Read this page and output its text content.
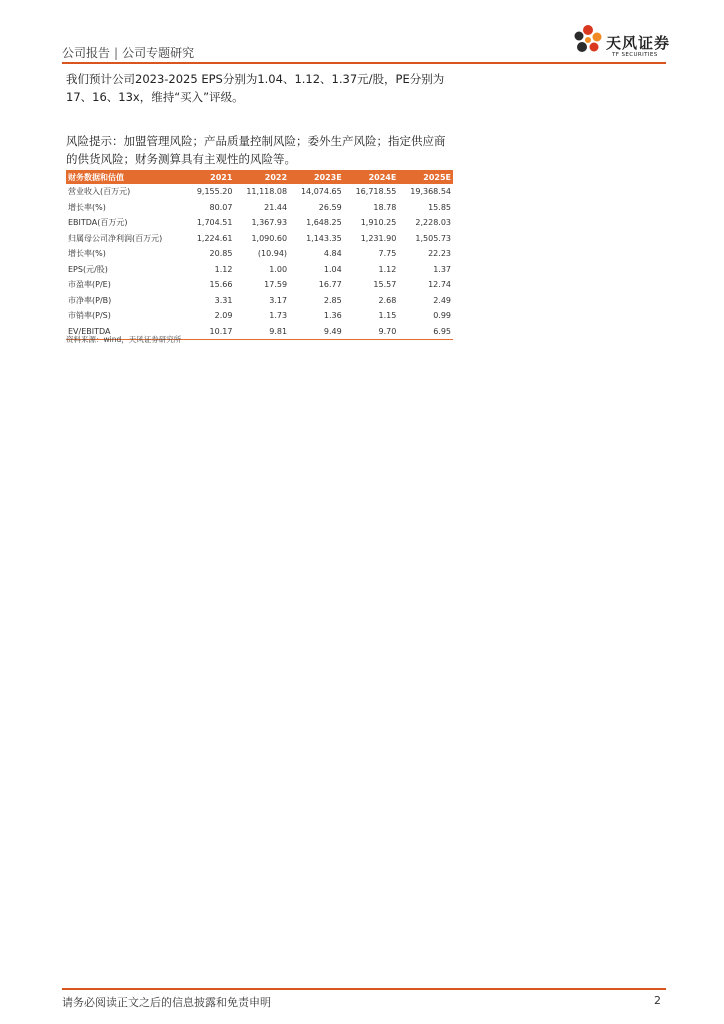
公司报告 | 公司专题研究
天风证券
TF SECURITIES
我们预计公司2023-2025 EPS分别为1.04、1.12、1.37元/股，PE分别为17、16、13x，维持“买入”评级。
风险提示：加盟管理风险；产品质量控制风险；委外生产风险；指定供应商的供货风险；财务测算具有主观性的风险等。
财务数据和估值	2021	2022	2023E	2024E	2025E
营业收入(百万元)	9,155.20	11,118.08	14,074.65	16,718.55	19,368.54
增长率(%)	80.07	21.44	26.59	18.78	15.85
EBITDA(百万元)	1,704.51	1,367.93	1,648.25	1,910.25	2,228.03
归属母公司净利润(百万元)	1,224.61	1,090.60	1,143.35	1,231.90	1,505.73
增长率(%)	20.85	(10.94)	4.84	7.75	22.23
EPS(元/股)	1.12	1.00	1.04	1.12	1.37
市盈率(P/E)	15.66	17.59	16.77	15.57	12.74
市净率(P/B)	3.31	3.17	2.85	2.68	2.49
市销率(P/S)	2.09	1.73	1.36	1.15	0.99
EV/EBITDA	10.17	9.81	9.49	9.70	6.95
资料来源：wind，天风证券研究所
请务必阅读正文之后的信息披露和免责申明	2
